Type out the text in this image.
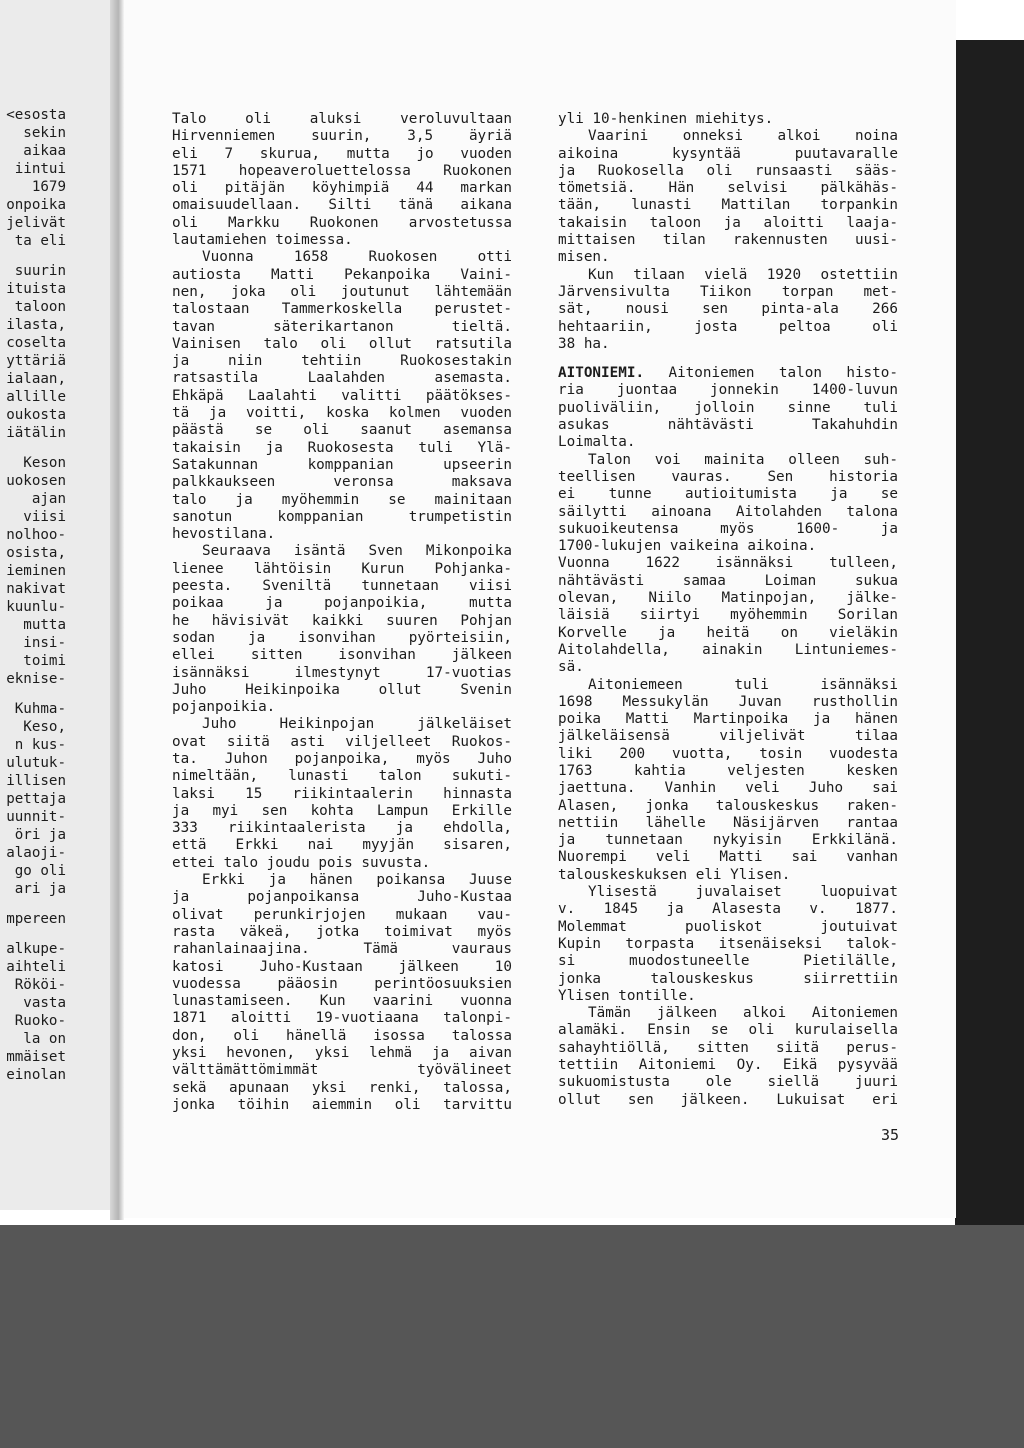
<esosta
sekin
aikaa
iintui
1679
onpoika
jelivät
ta eli
suurin
ituista
taloon
ilasta,
coselta
yttäriä
ialaan,
allille
oukosta
iätälin
Keson
uokosen
ajan
viisi
nolhoo-
osista,
ieminen
nakivat
kuunlu-
mutta
insi-
toimi
eknise-
Kuhma-
Keso,
n kus-
ulutuk-
illisen
pettaja
uunnit-
öri ja
alaoji-
go oli
ari ja
mpereen
alkupe-
aihteli
Rököi-
vasta
Ruoko-
la on
mmäiset
einolan
Talo oli aluksi veroluvultaan
Hirvenniemen suurin, 3,5 äyriä
eli 7 skurua, mutta jo vuoden
1571 hopeaveroluettelossa Ruokonen
oli pitäjän köyhimpiä 44 markan
omaisuudellaan. Silti tänä aikana
oli Markku Ruokonen arvostetussa
lautamiehen toimessa.
Vuonna 1658 Ruokosen otti
autiosta Matti Pekanpoika Vaini-
nen, joka oli joutunut lähtemään
talostaan Tammerkoskella perustet-
tavan säterikartanon tieltä.
Vainisen talo oli ollut ratsutila
ja niin tehtiin Ruokosestakin
ratsastila Laalahden asemasta.
Ehkäpä Laalahti valitti päätökses-
tä ja voitti, koska kolmen vuoden
päästä se oli saanut asemansa
takaisin ja Ruokosesta tuli Ylä-
Satakunnan komppanian upseerin
palkkaukseen veronsa maksava
talo ja myöhemmin se mainitaan
sanotun komppanian trumpetistin
hevostilana.
Seuraava isäntä Sven Mikonpoika
lienee lähtöisin Kurun Pohjanka-
peesta. Sveniltä tunnetaan viisi
poikaa ja pojanpoikia, mutta
he hävisivät kaikki suuren Pohjan
sodan ja isonvihan pyörteisiin,
ellei sitten isonvihan jälkeen
isännäksi ilmestynyt 17-vuotias
Juho Heikinpoika ollut Svenin
pojanpoikia.
Juho Heikinpojan jälkeläiset
ovat siitä asti viljelleet Ruokos-
ta. Juhon pojanpoika, myös Juho
nimeltään, lunasti talon sukuti-
laksi 15 riikintaalerin hinnasta
ja myi sen kohta Lampun Erkille
333 riikintaalerista ja ehdolla,
että Erkki nai myyjän sisaren,
ettei talo joudu pois suvusta.
Erkki ja hänen poikansa Juuse
ja pojanpoikansa Juho-Kustaa
olivat perunkirjojen mukaan vau-
rasta väkeä, jotka toimivat myös
rahanlainaajina. Tämä vauraus
katosi Juho-Kustaan jälkeen 10
vuodessa pääosin perintöosuuksien
lunastamiseen. Kun vaarini vuonna
1871 aloitti 19-vuotiaana talonpi-
don, oli hänellä isossa talossa
yksi hevonen, yksi lehmä ja aivan
välttämättömimmät työvälineet
sekä apunaan yksi renki, talossa,
jonka töihin aiemmin oli tarvittu
yli 10-henkinen miehitys.
Vaarini onneksi alkoi noina
aikoina kysyntää puutavaralle
ja Ruokosella oli runsaasti sääs-
tömetsiä. Hän selvisi pälkähäs-
tään, lunasti Mattilan torpankin
takaisin taloon ja aloitti laaja-
mittaisen tilan rakennusten uusi-
misen.
Kun tilaan vielä 1920 ostettiin
Järvensivulta Tiikon torpan met-
sät, nousi sen pinta-ala 266
hehtaariin, josta peltoa oli
38 ha.
AITONIEMI. Aitoniemen talon histo-
ria juontaa jonnekin 1400-luvun
puoliväliin, jolloin sinne tuli
asukas nähtävästi Takahuhdin
Loimalta.
Talon voi mainita olleen suh-
teellisen vauras. Sen historia
ei tunne autioitumista ja se
säilytti ainoana Aitolahden talona
sukuoikeutensa myös 1600- ja
1700-lukujen vaikeina aikoina.
Vuonna 1622 isännäksi tulleen,
nähtävästi samaa Loiman sukua
olevan, Niilo Matinpojan, jälke-
läisiä siirtyi myöhemmin Sorilan
Korvelle ja heitä on vieläkin
Aitolahdella, ainakin Lintuniemes-
sä.
Aitoniemeen tuli isännäksi
1698 Messukylän Juvan rusthollin
poika Matti Martinpoika ja hänen
jälkeläisensä viljelivät tilaa
liki 200 vuotta, tosin vuodesta
1763 kahtia veljesten kesken
jaettuna. Vanhin veli Juho sai
Alasen, jonka talouskeskus raken-
nettiin lähelle Näsijärven rantaa
ja tunnetaan nykyisin Erkkilänä.
Nuorempi veli Matti sai vanhan
talouskeskuksen eli Ylisen.
Ylisestä juvalaiset luopuivat
v. 1845 ja Alasesta v. 1877.
Molemmat puoliskot joutuivat
Kupin torpasta itsenäiseksi talok-
si muodostuneelle Pietilälle,
jonka talouskeskus siirrettiin
Ylisen tontille.
Tämän jälkeen alkoi Aitoniemen
alamäki. Ensin se oli kurulaisella
sahayhtiöllä, sitten siitä perus-
tettiin Aitoniemi Oy. Eikä pysyvää
sukuomistusta ole siellä juuri
ollut sen jälkeen. Lukuisat eri
35
